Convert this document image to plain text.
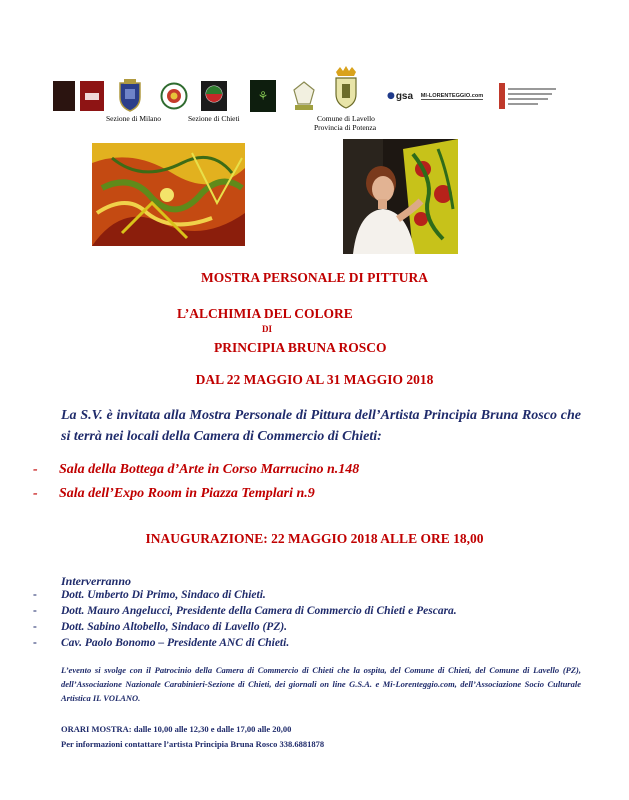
⚘	● gsa MI-LORENTEGGIO.com
Sezione di Milano	Sezione di Chieti	Comune di Lavello
Provincia di Potenza
MOSTRA PERSONALE DI PITTURA
L’ALCHIMIA DEL COLORE
DI
PRINCIPIA BRUNA ROSCO
DAL 22 MAGGIO AL 31 MAGGIO 2018
La S.V. è invitata alla Mostra Personale di Pittura dell’Artista Principia Bruna Rosco che si terrà nei locali della Camera di Commercio di Chieti:
- Sala della Bottega d’Arte in Corso Marrucino n.148
- Sala dell’Expo Room in Piazza Templari n.9
INAUGURAZIONE: 22 MAGGIO 2018 ALLE ORE 18,00
Interverranno
- Dott. Umberto Di Primo, Sindaco di Chieti.
- Dott. Mauro Angelucci, Presidente della Camera di Commercio di Chieti e Pescara.
- Dott. Sabino Altobello, Sindaco di Lavello (PZ).
- Cav. Paolo Bonomo – Presidente ANC di Chieti.
L’evento si svolge con il Patrocinio della Camera di Commercio di Chieti che la ospita, del Comune di Chieti, del Comune di Lavello (PZ), dell’Associazione Nazionale Carabinieri-Sezione di Chieti, dei giornali on line G.S.A. e Mi-Lorenteggio.com, dell’Associazione Socio Culturale Artistica IL VOLANO.
ORARI MOSTRA: dalle 10,00 alle 12,30 e dalle 17,00 alle 20,00
Per informazioni contattare l’artista Principia Bruna Rosco 338.6881878
